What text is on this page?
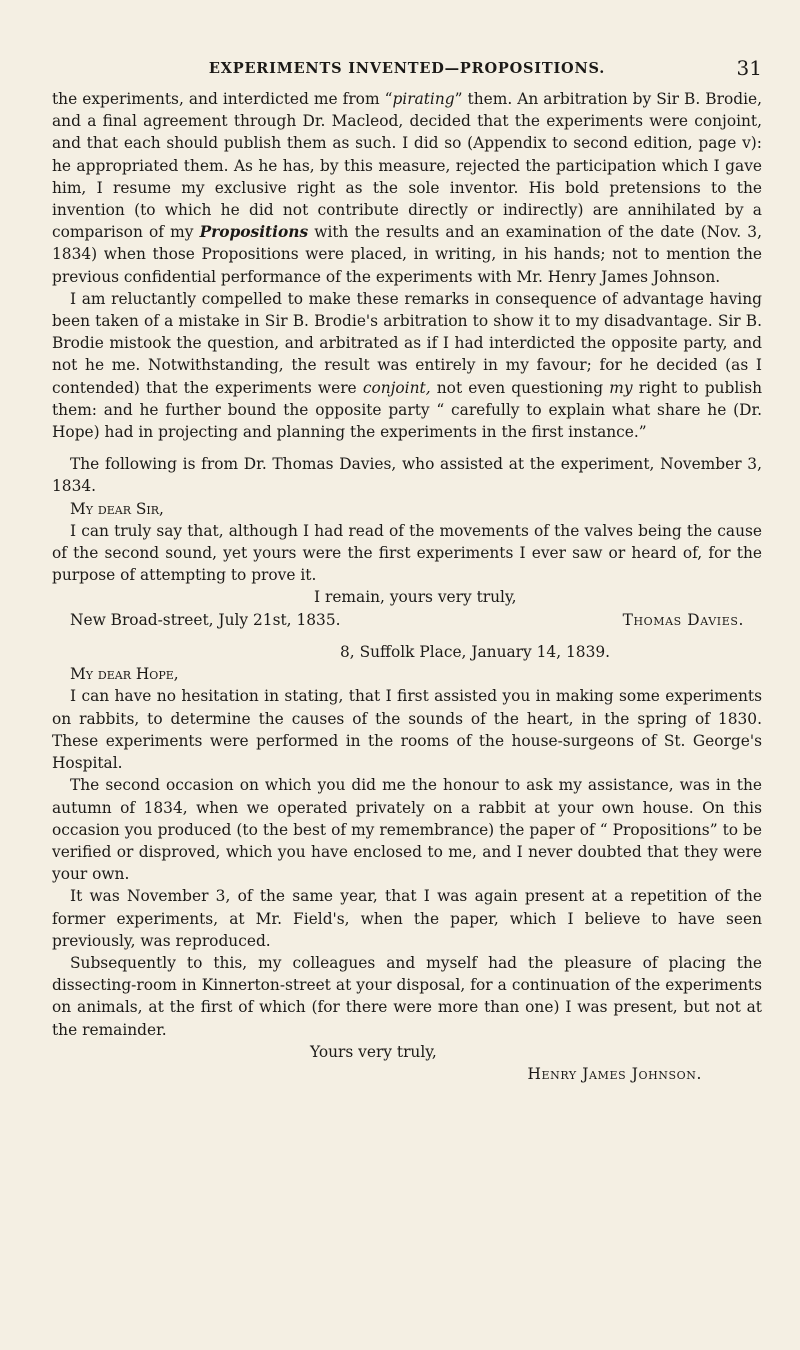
EXPERIMENTS INVENTED—PROPOSITIONS.	31

the experiments, and interdicted me from “pirating” them. An arbitration by Sir B. Brodie, and a final agreement through Dr. Macleod, decided that the experiments were conjoint, and that each should publish them as such. I did so (Appendix to second edition, page v): he appropriated them. As he has, by this measure, rejected the participation which I gave him, I resume my exclusive right as the sole inventor. His bold pretensions to the invention (to which he did not contribute directly or indirectly) are annihilated by a comparison of my Propositions with the results and an examination of the date (Nov. 3, 1834) when those Propositions were placed, in writing, in his hands; not to mention the previous confidential performance of the experiments with Mr. Henry James Johnson.

I am reluctantly compelled to make these remarks in consequence of advantage having been taken of a mistake in Sir B. Brodie's arbitration to show it to my disadvantage. Sir B. Brodie mistook the question, and arbitrated as if I had interdicted the opposite party, and not he me. Notwithstanding, the result was entirely in my favour; for he decided (as I contended) that the experiments were conjoint, not even questioning my right to publish them: and he further bound the opposite party “ carefully to explain what share he (Dr. Hope) had in projecting and planning the experiments in the first instance.”

The following is from Dr. Thomas Davies, who assisted at the experiment, November 3, 1834.

My dear Sir,

I can truly say that, although I had read of the movements of the valves being the cause of the second sound, yet yours were the first experiments I ever saw or heard of, for the purpose of attempting to prove it.

I remain, yours very truly,

Thomas Davies.

New Broad-street, July 21st, 1835.

8, Suffolk Place, January 14, 1839.

My dear Hope,

I can have no hesitation in stating, that I first assisted you in making some experiments on rabbits, to determine the causes of the sounds of the heart, in the spring of 1830. These experiments were performed in the rooms of the house-surgeons of St. George's Hospital.

The second occasion on which you did me the honour to ask my assistance, was in the autumn of 1834, when we operated privately on a rabbit at your own house. On this occasion you produced (to the best of my remembrance) the paper of “ Propositions” to be verified or disproved, which you have enclosed to me, and I never doubted that they were your own.

It was November 3, of the same year, that I was again present at a repetition of the former experiments, at Mr. Field's, when the paper, which I believe to have seen previously, was reproduced.

Subsequently to this, my colleagues and myself had the pleasure of placing the dissecting-room in Kinnerton-street at your disposal, for a continuation of the experiments on animals, at the first of which (for there were more than one) I was present, but not at the remainder.

Yours very truly,

Henry James Johnson.
